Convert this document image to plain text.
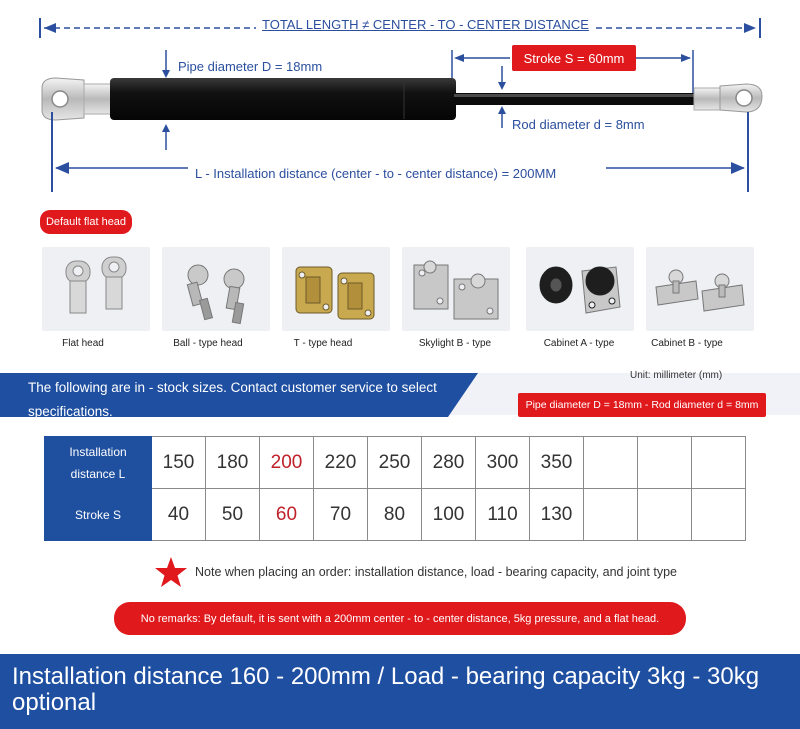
TOTAL LENGTH ≠ CENTER - TO - CENTER DISTANCE
Pipe diameter D = 18mm
Stroke S = 60mm
Rod diameter d = 8mm
L - Installation distance (center - to - center distance) = 200MM
Default flat head
Flat head	Ball - type head	T - type head	Skylight B - type	Cabinet A - type	Cabinet B - type
The following are in - stock sizes. Contact customer service to select specifications.
Unit: millimeter (mm)
Pipe diameter D = 18mm - Rod diameter d = 8mm
Installation
distance L	150	180	200	220	250	280	300	350			
Stroke S	40	50	60	70	80	100	110	130			
Note when placing an order: installation distance, load - bearing capacity, and joint type
No remarks: By default, it is sent with a 200mm center - to - center distance, 5kg pressure, and a flat head.
Installation distance 160 - 200mm / Load - bearing capacity 3kg - 30kg optional
